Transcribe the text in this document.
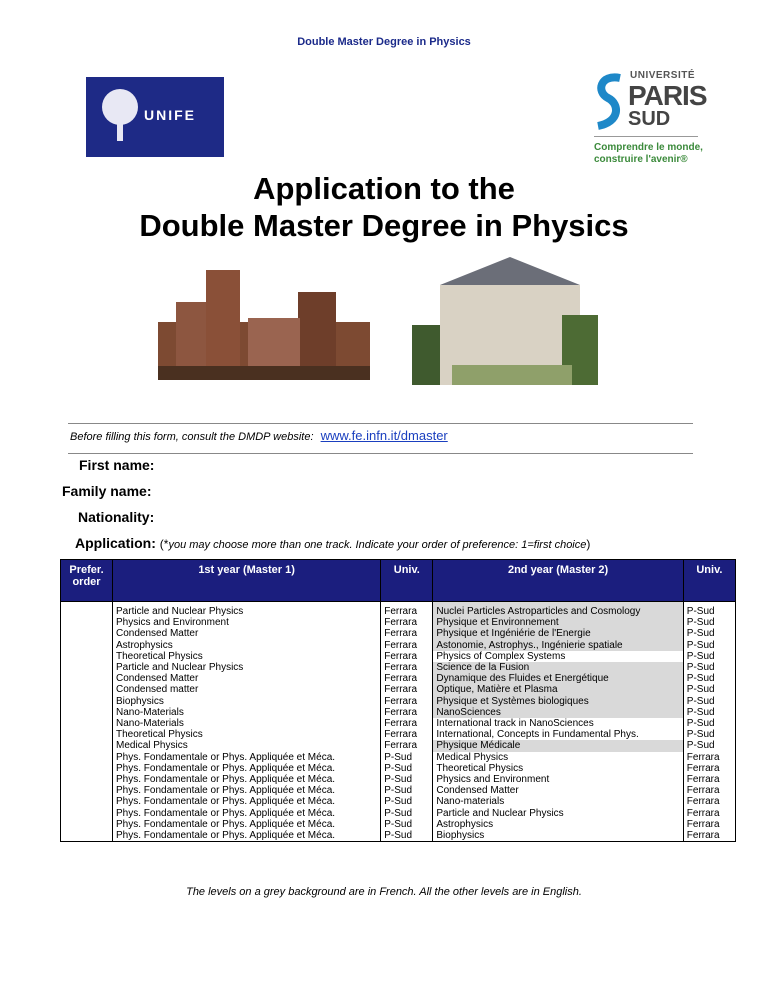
Double Master Degree in Physics
UNIFE
UNIVERSITÉ
PARIS
SUD
Comprendre le monde,
construire l'avenir®
Application to the
Double Master Degree in Physics
Before filling this form, consult the DMDP website: www.fe.infn.it/dmaster
First name:
Family name:
Nationality:
Application: (*you may choose more than one track. Indicate your order of preference: 1=first choice)
Prefer. order	1st year (Master 1)	Univ.	2nd year (Master 2)	Univ.
	Particle and Nuclear Physics	Ferrara	Nuclei Particles Astroparticles and Cosmology	P-Sud
	Physics and Environment	Ferrara	Physique et Environnement	P-Sud
	Condensed Matter	Ferrara	Physique et Ingéniérie de l'Energie	P-Sud
	Astrophysics	Ferrara	Astonomie, Astrophys., Ingénierie spatiale	P-Sud
	Theoretical Physics	Ferrara	Physics of Complex Systems	P-Sud
	Particle and Nuclear Physics	Ferrara	Science de la Fusion	P-Sud
	Condensed Matter	Ferrara	Dynamique des Fluides et Energétique	P-Sud
	Condensed matter	Ferrara	Optique, Matière et Plasma	P-Sud
	Biophysics	Ferrara	Physique et Systèmes biologiques	P-Sud
	Nano-Materials	Ferrara	NanoSciences	P-Sud
	Nano-Materials	Ferrara	International track in NanoSciences	P-Sud
	Theoretical Physics	Ferrara	International, Concepts in Fundamental Phys.	P-Sud
	Medical Physics	Ferrara	Physique Médicale	P-Sud
	Phys. Fondamentale or Phys. Appliquée et Méca.	P-Sud	Medical Physics	Ferrara
	Phys. Fondamentale or Phys. Appliquée et Méca.	P-Sud	Theoretical Physics	Ferrara
	Phys. Fondamentale or Phys. Appliquée et Méca.	P-Sud	Physics and Environment	Ferrara
	Phys. Fondamentale or Phys. Appliquée et Méca.	P-Sud	Condensed Matter	Ferrara
	Phys. Fondamentale or Phys. Appliquée et Méca.	P-Sud	Nano-materials	Ferrara
	Phys. Fondamentale or Phys. Appliquée et Méca.	P-Sud	Particle and Nuclear Physics	Ferrara
	Phys. Fondamentale or Phys. Appliquée et Méca.	P-Sud	Astrophysics	Ferrara
	Phys. Fondamentale or Phys. Appliquée et Méca.	P-Sud	Biophysics	Ferrara
The levels on a grey background are in French. All the other levels are in English.
